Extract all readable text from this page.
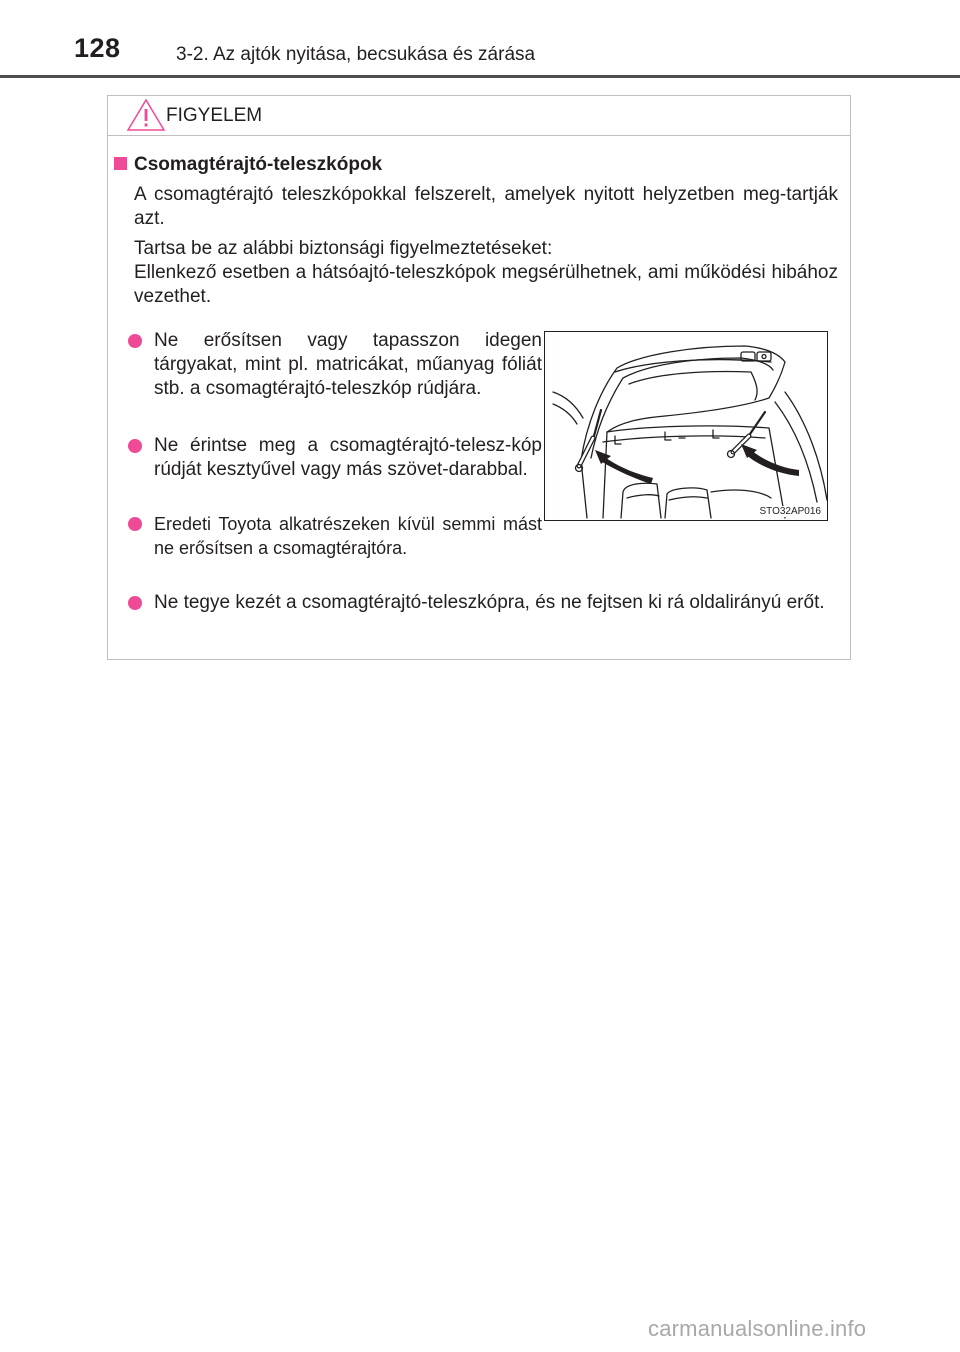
128	3-2. Az ajtók nyitása, becsukása és zárása
FIGYELEM
Csomagtérajtó-teleszkópok
A csomagtérajtó teleszkópokkal felszerelt, amelyek nyitott helyzetben meg-tartják azt.
Tartsa be az alábbi biztonsági figyelmeztetéseket:
Ellenkező esetben a hátsóajtó-teleszkópok megsérülhetnek, ami működési hibához vezethet.
Ne erősítsen vagy tapasszon idegen tárgyakat, mint pl. matricákat, műanyag fóliát stb. a csomagtérajtó-teleszkóp rúdjára.
Ne érintse meg a csomagtérajtó-telesz-kóp rúdját kesztyűvel vagy más szövet-darabbal.
Eredeti Toyota alkatrészeken kívül semmi mást ne erősítsen a csomagtérajtóra.
Ne tegye kezét a csomagtérajtó-teleszkópra, és ne fejtsen ki rá oldalirányú erőt.
STO32AP016
carmanualsonline.info
